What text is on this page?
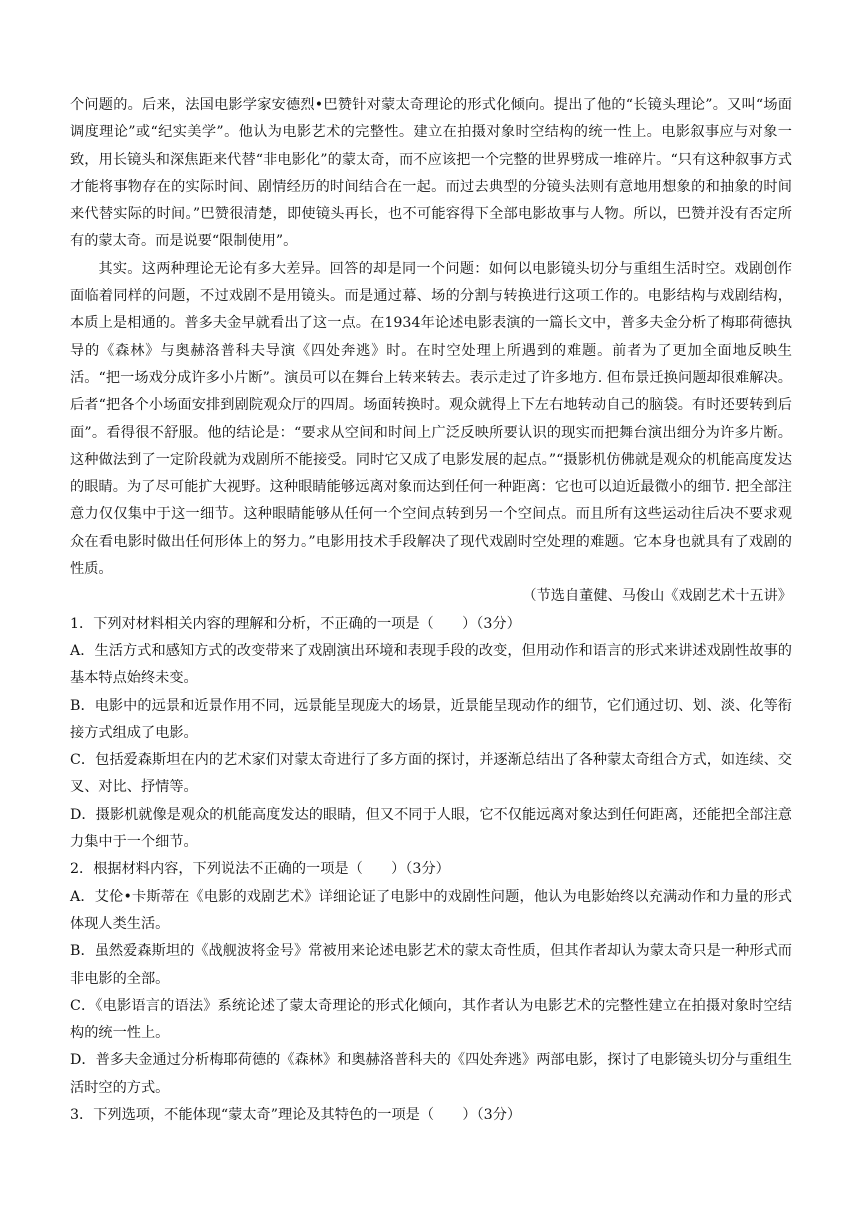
个问题的。后来，法国电影学家安德烈•巴赞针对蒙太奇理论的形式化倾向。提出了他的“长镜头理论”。又叫“场面调度理论”或“纪实美学”。他认为电影艺术的完整性。建立在拍摄对象时空结构的统一性上。电影叙事应与对象一致，用长镜头和深焦距来代替“非电影化”的蒙太奇，而不应该把一个完整的世界劈成一堆碎片。“只有这种叙事方式才能将事物存在的实际时间、剧情经历的时间结合在一起。而过去典型的分镜头法则有意地用想象的和抽象的时间来代替实际的时间。”巴赞很清楚，即使镜头再长，也不可能容得下全部电影故事与人物。所以，巴赞并没有否定所有的蒙太奇。而是说要“限制使用”。

其实。这两种理论无论有多大差异。回答的却是同一个问题：如何以电影镜头切分与重组生活时空。戏剧创作面临着同样的问题，不过戏剧不是用镜头。而是通过幕、场的分割与转换进行这项工作的。电影结构与戏剧结构，本质上是相通的。普多夫金早就看出了这一点。在1934年论述电影表演的一篇长文中，普多夫金分析了梅耶荷德执导的《森林》与奥赫洛普科夫导演《四处奔逃》时。在时空处理上所遇到的难题。前者为了更加全面地反映生活。“把一场戏分成许多小片断”。演员可以在舞台上转来转去。表示走过了许多地方. 但布景迁换问题却很难解决。后者“把各个小场面安排到剧院观众厅的四周。场面转换时。观众就得上下左右地转动自己的脑袋。有时还要转到后面”。看得很不舒服。他的结论是：“要求从空间和时间上广泛反映所要认识的现实而把舞台演出细分为许多片断。这种做法到了一定阶段就为戏剧所不能接受。同时它又成了电影发展的起点。”“摄影机仿佛就是观众的机能高度发达的眼睛。为了尽可能扩大视野。这种眼睛能够远离对象而达到任何一种距离：它也可以迫近最微小的细节. 把全部注意力仅仅集中于这一细节。这种眼睛能够从任何一个空间点转到另一个空间点。而且所有这些运动往后决不要求观众在看电影时做出任何形体上的努力。”电影用技术手段解决了现代戏剧时空处理的难题。它本身也就具有了戏剧的性质。

（节选自董健、马俊山《戏剧艺术十五讲》

1．下列对材料相关内容的理解和分析，不正确的一项是（　　）（3分）

A．生活方式和感知方式的改变带来了戏剧演出环境和表现手段的改变，但用动作和语言的形式来讲述戏剧性故事的基本特点始终未变。

B．电影中的远景和近景作用不同，远景能呈现庞大的场景，近景能呈现动作的细节，它们通过切、划、淡、化等衔接方式组成了电影。

C．包括爱森斯坦在内的艺术家们对蒙太奇进行了多方面的探讨，并逐渐总结出了各种蒙太奇组合方式，如连续、交叉、对比、抒情等。

D．摄影机就像是观众的机能高度发达的眼睛，但又不同于人眼，它不仅能远离对象达到任何距离，还能把全部注意力集中于一个细节。

2．根据材料内容，下列说法不正确的一项是（　　）（3分）

A．艾伦•卡斯蒂在《电影的戏剧艺术》详细论证了电影中的戏剧性问题，他认为电影始终以充满动作和力量的形式体现人类生活。

B．虽然爱森斯坦的《战舰波将金号》常被用来论述电影艺术的蒙太奇性质，但其作者却认为蒙太奇只是一种形式而非电影的全部。

C．《电影语言的语法》系统论述了蒙太奇理论的形式化倾向，其作者认为电影艺术的完整性建立在拍摄对象时空结构的统一性上。

D．普多夫金通过分析梅耶荷德的《森林》和奥赫洛普科夫的《四处奔逃》两部电影，探讨了电影镜头切分与重组生活时空的方式。

3．下列选项，不能体现“蒙太奇”理论及其特色的一项是（　　）（3分）
